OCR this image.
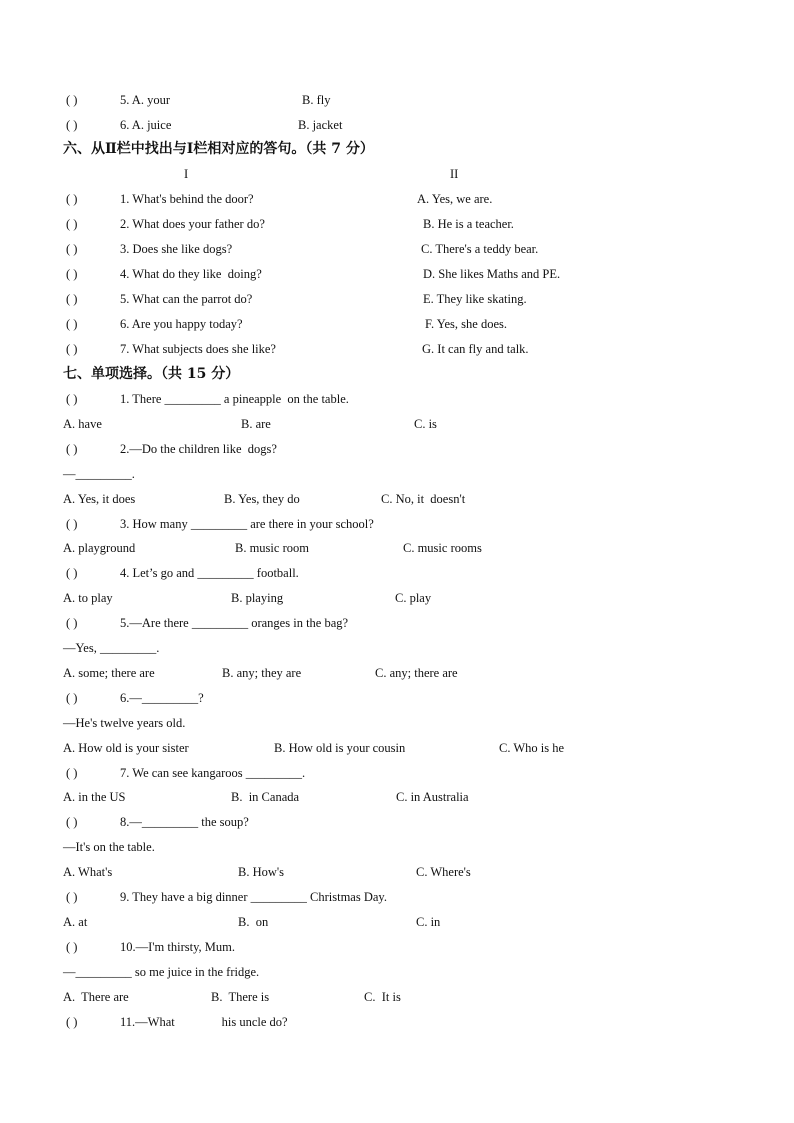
( )	5. A. your	B. fly
( )	6. A. juice	B. jacket
六、从Ⅱ栏中找出与Ⅰ栏相对应的答句。（共 7 分）
I	II
( )	1. What's behind the door?	A. Yes, we are.
( )	2. What does your father do?	B. He is a teacher.
( )	3. Does she like dogs?	C. There's a teddy bear.
( )	4. What do they like  doing?	D. She likes Maths and PE.
( )	5. What can the parrot do?	E. They like skating.
( )	6. Are you happy today?	F. Yes, she does.
( )	7. What subjects does she like?	G. It can fly and talk.
七、单项选择。（共 15 分）
( )	1. There _________ a pineapple  on the table.
A. have	B. are	C. is
( )	2.—Do the children like  dogs?
—_________.
A. Yes, it does	B. Yes, they do	C. No, it  doesn't
( )	3. How many _________ are there in your school?
A. playground	B. music room	C. music rooms
( )	4. Let’s go and _________ football.
A. to play	B. playing	C. play
( )	5.—Are there _________ oranges in the bag?
—Yes, _________.
A. some; there are	B. any; they are	C. any; there are
( )	6.—_________?
—He's twelve years old.
A. How old is your sister	B. How old is your cousin	C. Who is he
( )	7. We can see kangaroos _________.
A. in the US	B.  in Canada	C. in Australia
( )	8.—_________ the soup?
—It's on the table.
A. What's	B. How's	C. Where's
( )	9. They have a big dinner _________ Christmas Day.
A. at	B.  on	C. in
( )	10.—I'm thirsty, Mum.
—_________ so me juice in the fridge.
A.  There are	B.  There is	C.  It is
( )	11.—What               his uncle do?
